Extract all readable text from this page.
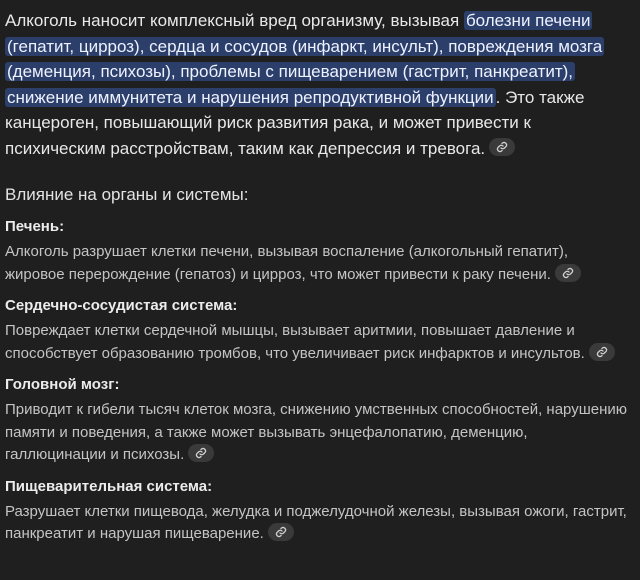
Алкоголь наносит комплексный вред организму, вызывая болезни печени (гепатит, цирроз), сердца и сосудов (инфаркт, инсульт), повреждения мозга (деменция, психозы), проблемы с пищеварением (гастрит, панкреатит), снижение иммунитета и нарушения репродуктивной функции . Это также канцероген, повышающий риск развития рака, и может привести к психическим расстройствам, таким как депрессия и тревога.

Влияние на органы и системы:
Печень:

Алкоголь разрушает клетки печени, вызывая воспаление (алкогольный гепатит), жировое перерождение (гепатоз) и цирроз, что может привести к раку печени.

Сердечно-сосудистая система:

Повреждает клетки сердечной мышцы, вызывает аритмии, повышает давление и способствует образованию тромбов, что увеличивает риск инфарктов и инсультов.

Головной мозг:

Приводит к гибели тысяч клеток мозга, снижению умственных способностей, нарушению памяти и поведения, а также может вызывать энцефалопатию, деменцию, галлюцинации и психозы.

Пищеварительная система:

Разрушает клетки пищевода, желудка и поджелудочной железы, вызывая ожоги, гастрит, панкреатит и нарушая пищеварение.
